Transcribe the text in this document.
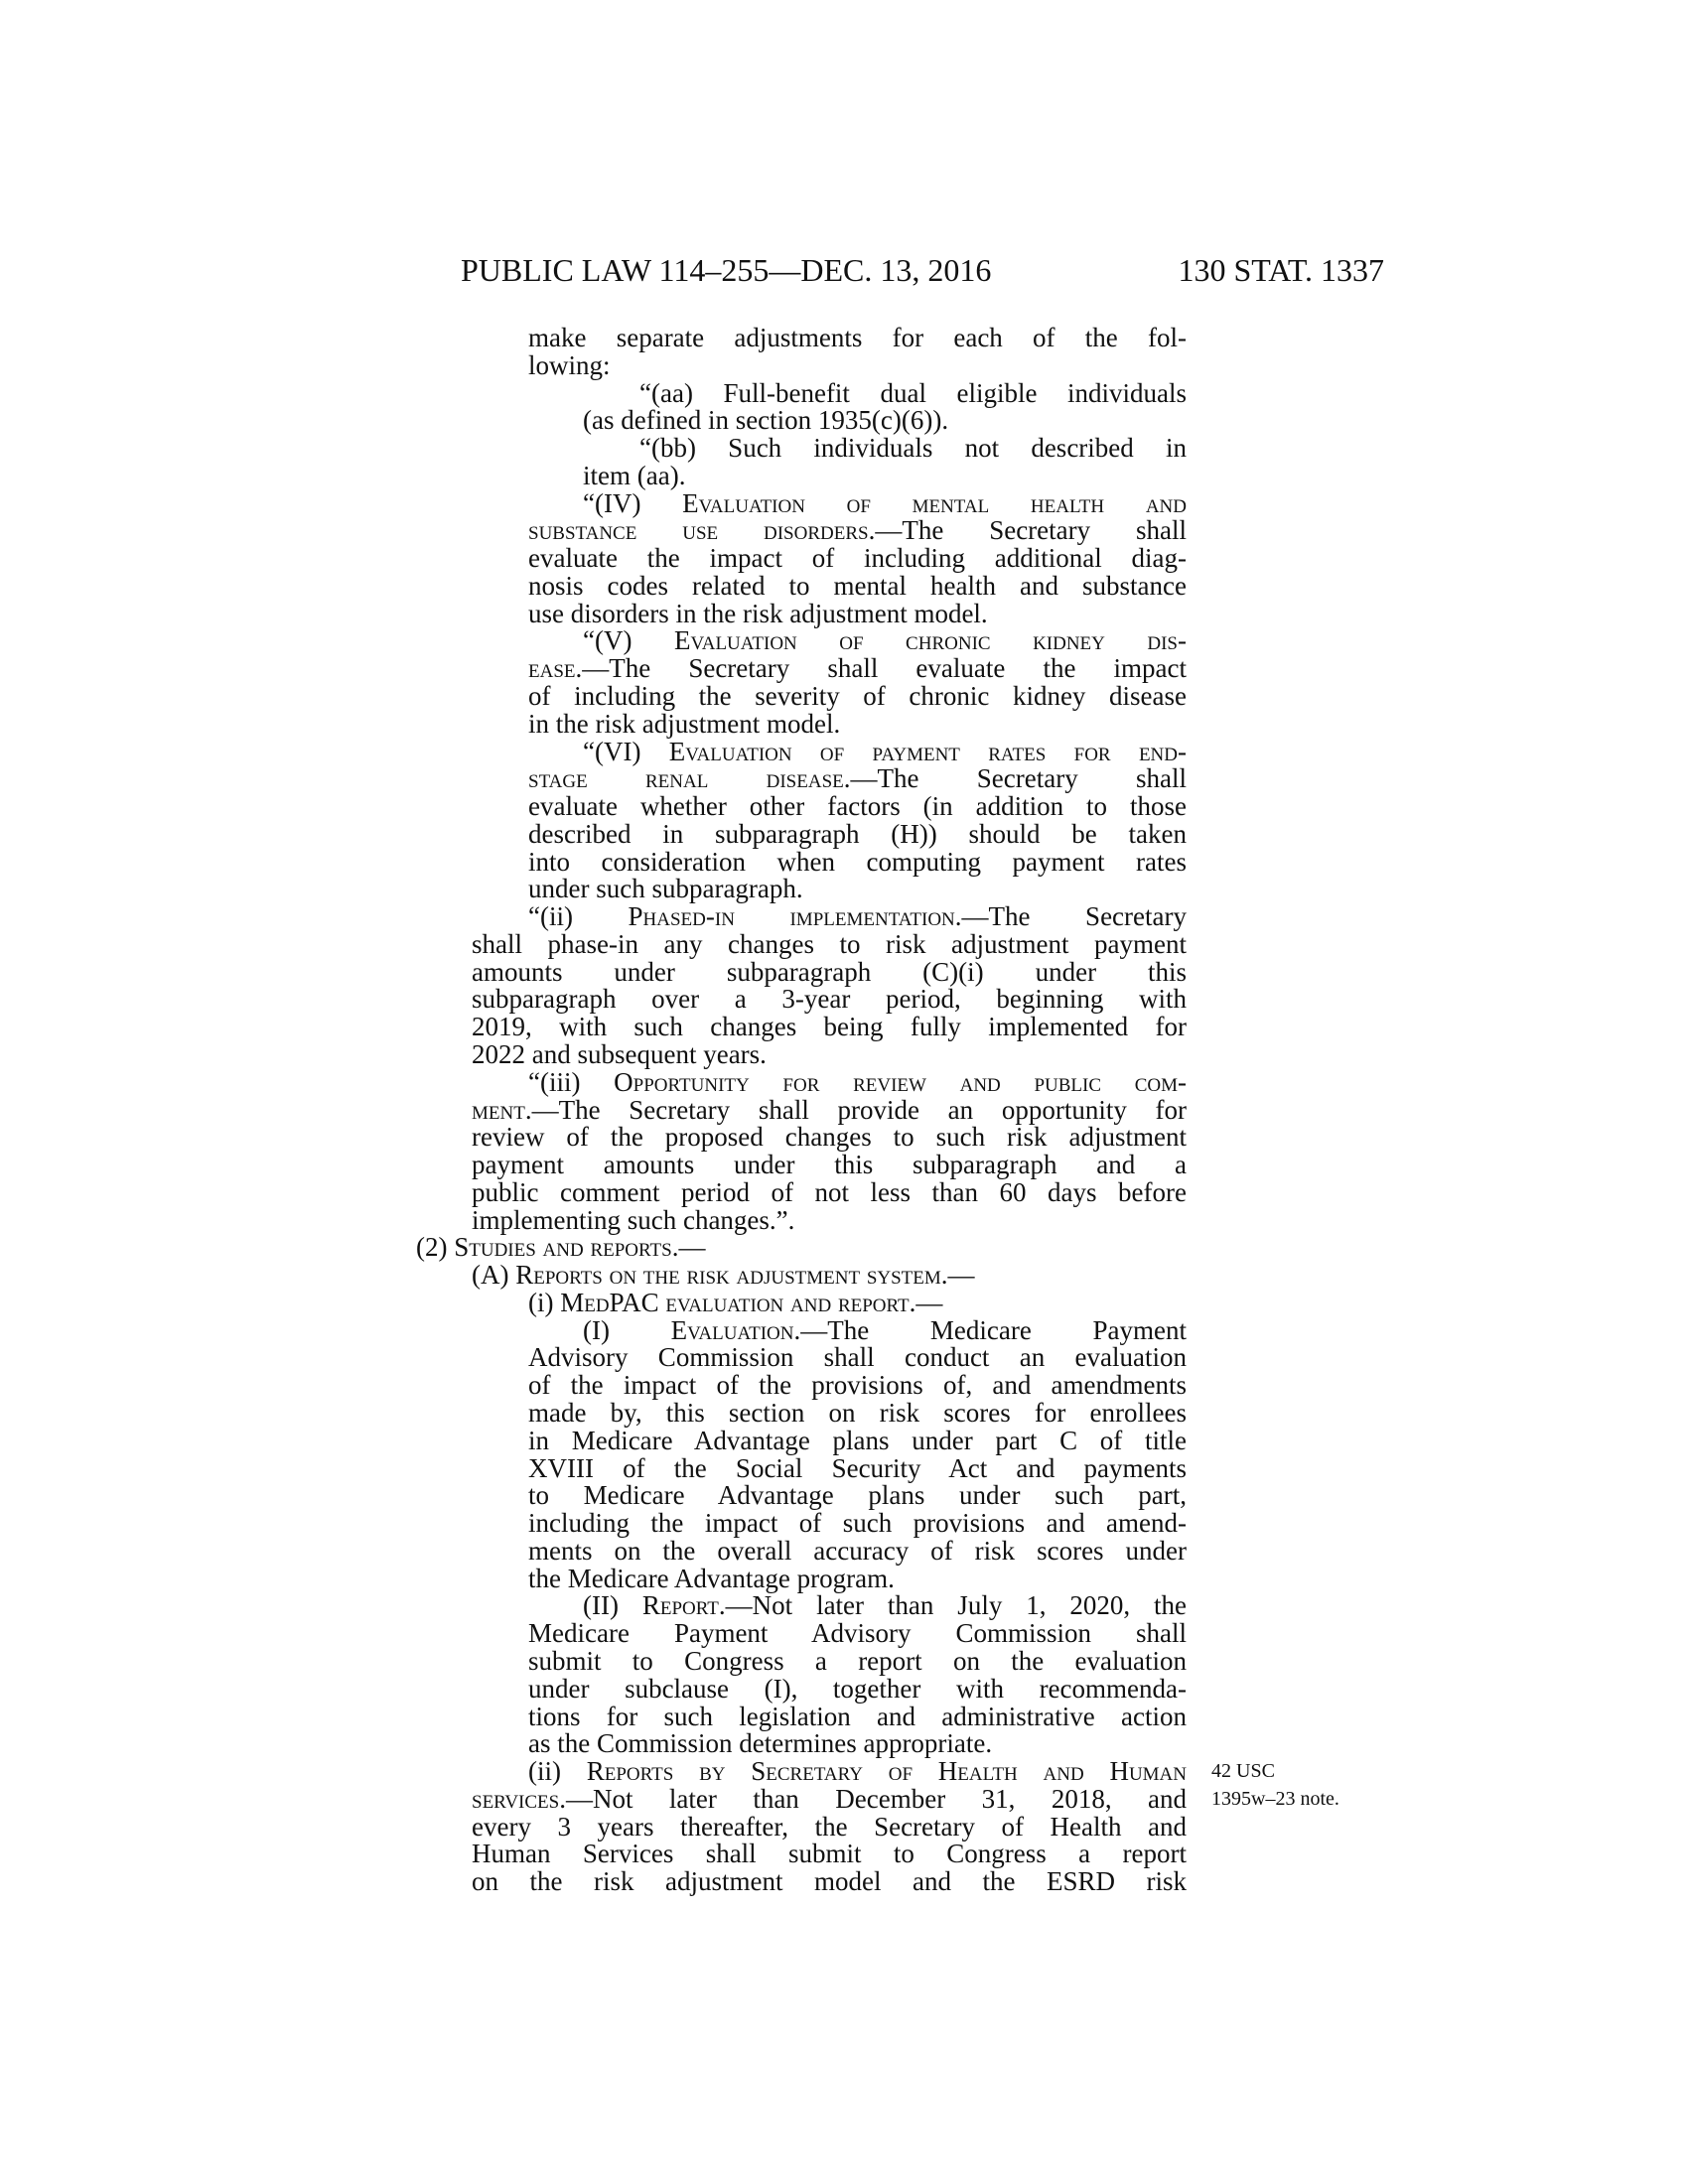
PUBLIC LAW 114–255—DEC. 13, 2016	130 STAT. 1337
make separate adjustments for each of the fol-
lowing:
“(aa) Full-benefit dual eligible individuals
(as defined in section 1935(c)(6)).
“(bb) Such individuals not described in
item (aa).
“(IV) Evaluation of mental health and
substance use disorders.—The Secretary shall
evaluate the impact of including additional diag-
nosis codes related to mental health and substance
use disorders in the risk adjustment model.
“(V) Evaluation of chronic kidney dis-
ease.—The Secretary shall evaluate the impact
of including the severity of chronic kidney disease
in the risk adjustment model.
“(VI) Evaluation of payment rates for end-
stage renal disease.—The Secretary shall
evaluate whether other factors (in addition to those
described in subparagraph (H)) should be taken
into consideration when computing payment rates
under such subparagraph.
“(ii) Phased-in implementation.—The Secretary
shall phase-in any changes to risk adjustment payment
amounts under subparagraph (C)(i) under this
subparagraph over a 3-year period, beginning with
2019, with such changes being fully implemented for
2022 and subsequent years.
“(iii) Opportunity for review and public com-
ment.—The Secretary shall provide an opportunity for
review of the proposed changes to such risk adjustment
payment amounts under this subparagraph and a
public comment period of not less than 60 days before
implementing such changes.”.
(2) Studies and reports.—
(A) Reports on the risk adjustment system.—
(i) MedPAC evaluation and report.—
(I) Evaluation.—The Medicare Payment
Advisory Commission shall conduct an evaluation
of the impact of the provisions of, and amendments
made by, this section on risk scores for enrollees
in Medicare Advantage plans under part C of title
XVIII of the Social Security Act and payments
to Medicare Advantage plans under such part,
including the impact of such provisions and amend-
ments on the overall accuracy of risk scores under
the Medicare Advantage program.
(II) Report.—Not later than July 1, 2020, the
Medicare Payment Advisory Commission shall
submit to Congress a report on the evaluation
under subclause (I), together with recommenda-
tions for such legislation and administrative action
as the Commission determines appropriate.
(ii) Reports by Secretary of Health and Human
services.—Not later than December 31, 2018, and
every 3 years thereafter, the Secretary of Health and
Human Services shall submit to Congress a report
on the risk adjustment model and the ESRD risk
42 USC
1395w–23 note.
